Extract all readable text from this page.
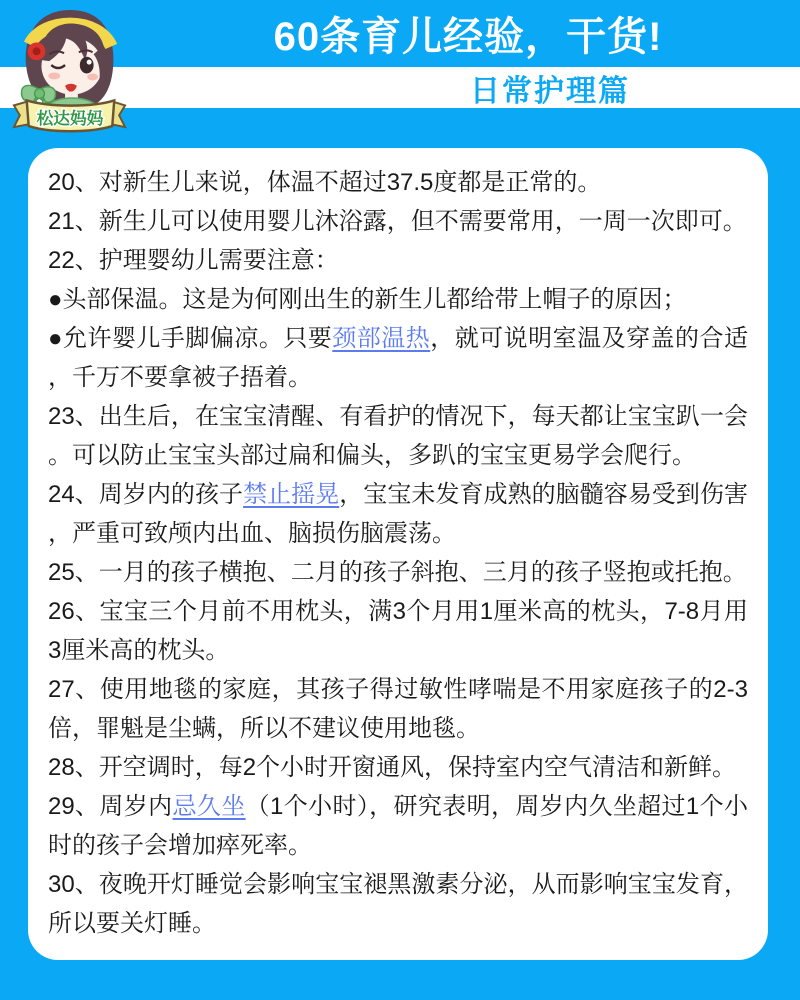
60条育儿经验，干货!
日常护理篇
松达妈妈

20、对新生儿来说，体温不超过37.5度都是正常的。

21、新生儿可以使用婴儿沐浴露，但不需要常用，一周一次即可。

22、护理婴幼儿需要注意：

●头部保温。这是为何刚出生的新生儿都给带上帽子的原因；

●允许婴儿手脚偏凉。只要颈部温热，就可说明室温及穿盖的合适，千万不要拿被子捂着。

23、出生后，在宝宝清醒、有看护的情况下，每天都让宝宝趴一会。可以防止宝宝头部过扁和偏头，多趴的宝宝更易学会爬行。

24、周岁内的孩子禁止摇晃，宝宝未发育成熟的脑髓容易受到伤害，严重可致颅内出血、脑损伤脑震荡。

25、一月的孩子横抱、二月的孩子斜抱、三月的孩子竖抱或托抱。

26、宝宝三个月前不用枕头，满3个月用1厘米高的枕头，7-8月用3厘米高的枕头。

27、使用地毯的家庭，其孩子得过敏性哮喘是不用家庭孩子的2-3倍，罪魁是尘螨，所以不建议使用地毯。

28、开空调时，每2个小时开窗通风，保持室内空气清洁和新鲜。

29、周岁内忌久坐（1个小时），研究表明，周岁内久坐超过1个小时的孩子会增加瘁死率。

30、夜晚开灯睡觉会影响宝宝褪黑激素分泌，从而影响宝宝发育，所以要关灯睡。
